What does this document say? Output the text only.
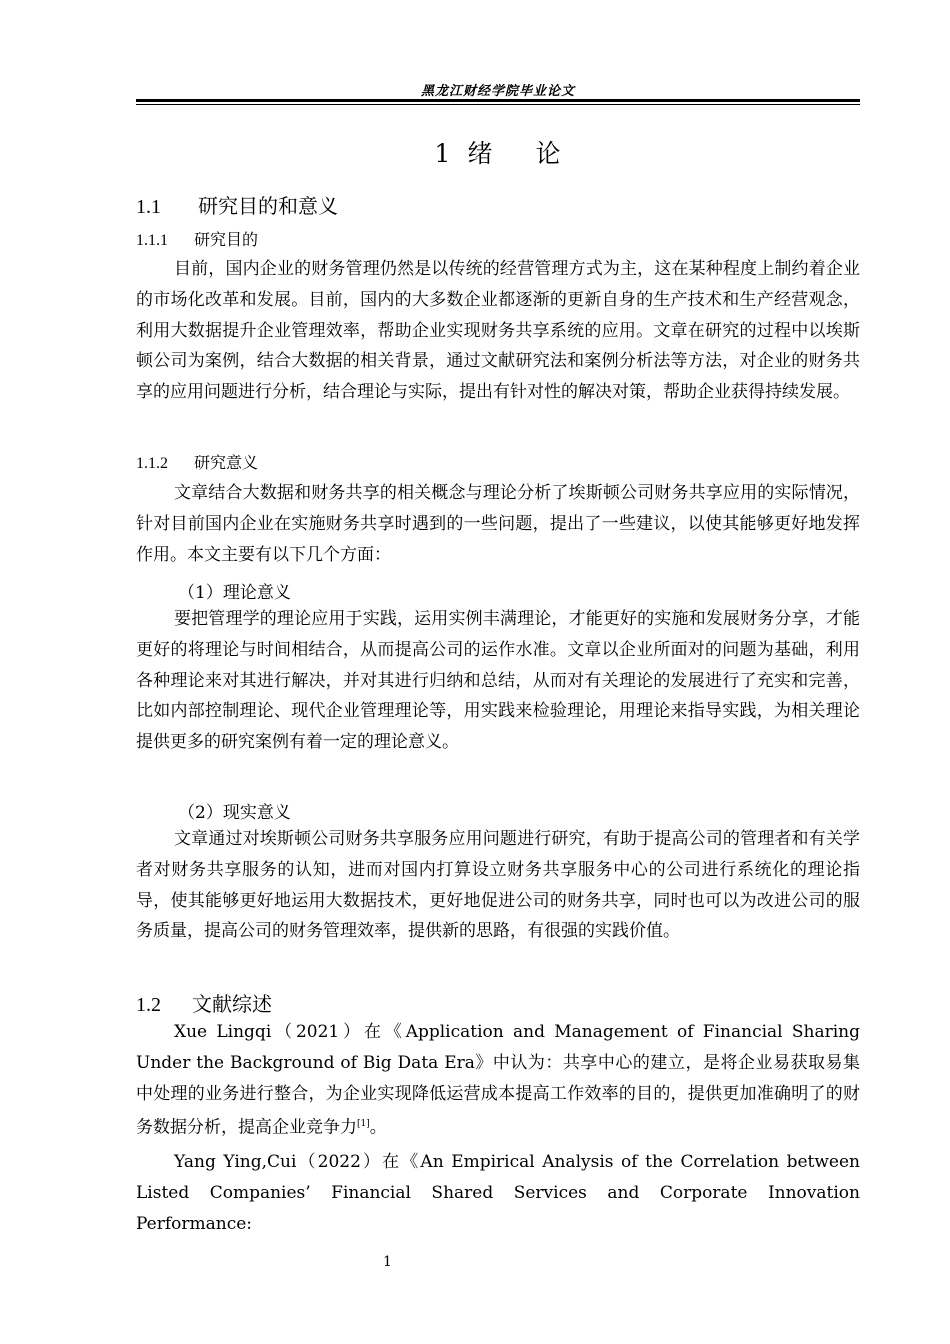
黑龙江财经学院毕业论文
1 绪 论
1.1 研究目的和意义
1.1.1 研究目的

目前，国内企业的财务管理仍然是以传统的经营管理方式为主，这在某种程度上制约着企业的市场化改革和发展。目前，国内的大多数企业都逐渐的更新自身的生产技术和生产经营观念，利用大数据提升企业管理效率，帮助企业实现财务共享系统的应用。文章在研究的过程中以埃斯顿公司为案例，结合大数据的相关背景，通过文献研究法和案例分析法等方法，对企业的财务共享的应用问题进行分析，结合理论与实际，提出有针对性的解决对策，帮助企业获得持续发展。

1.1.2 研究意义

文章结合大数据和财务共享的相关概念与理论分析了埃斯顿公司财务共享应用的实际情况，针对目前国内企业在实施财务共享时遇到的一些问题，提出了一些建议，以使其能够更好地发挥作用。本文主要有以下几个方面：

（1）理论意义

要把管理学的理论应用于实践，运用实例丰满理论，才能更好的实施和发展财务分享，才能更好的将理论与时间相结合，从而提高公司的运作水准。文章以企业所面对的问题为基础，利用各种理论来对其进行解决，并对其进行归纳和总结，从而对有关理论的发展进行了充实和完善，比如内部控制理论、现代企业管理理论等，用实践来检验理论，用理论来指导实践，为相关理论提供更多的研究案例有着一定的理论意义。

（2）现实意义

文章通过对埃斯顿公司财务共享服务应用问题进行研究，有助于提高公司的管理者和有关学者对财务共享服务的认知，进而对国内打算设立财务共享服务中心的公司进行系统化的理论指导，使其能够更好地运用大数据技术，更好地促进公司的财务共享，同时也可以为改进公司的服务质量，提高公司的财务管理效率，提供新的思路，有很强的实践价值。

1.2 文献综述

Xue Lingqi（2021）在《Application and Management of Financial Sharing Under the Background of Big Data Era》中认为：共享中心的建立，是将企业易获取易集中处理的业务进行整合，为企业实现降低运营成本提高工作效率的目的，提供更加准确明了的财务数据分析，提高企业竞争力[1]。

Yang Ying,Cui（2022）在《An Empirical Analysis of the Correlation between Listed Companies’ Financial Shared Services and Corporate Innovation Performance:

1
